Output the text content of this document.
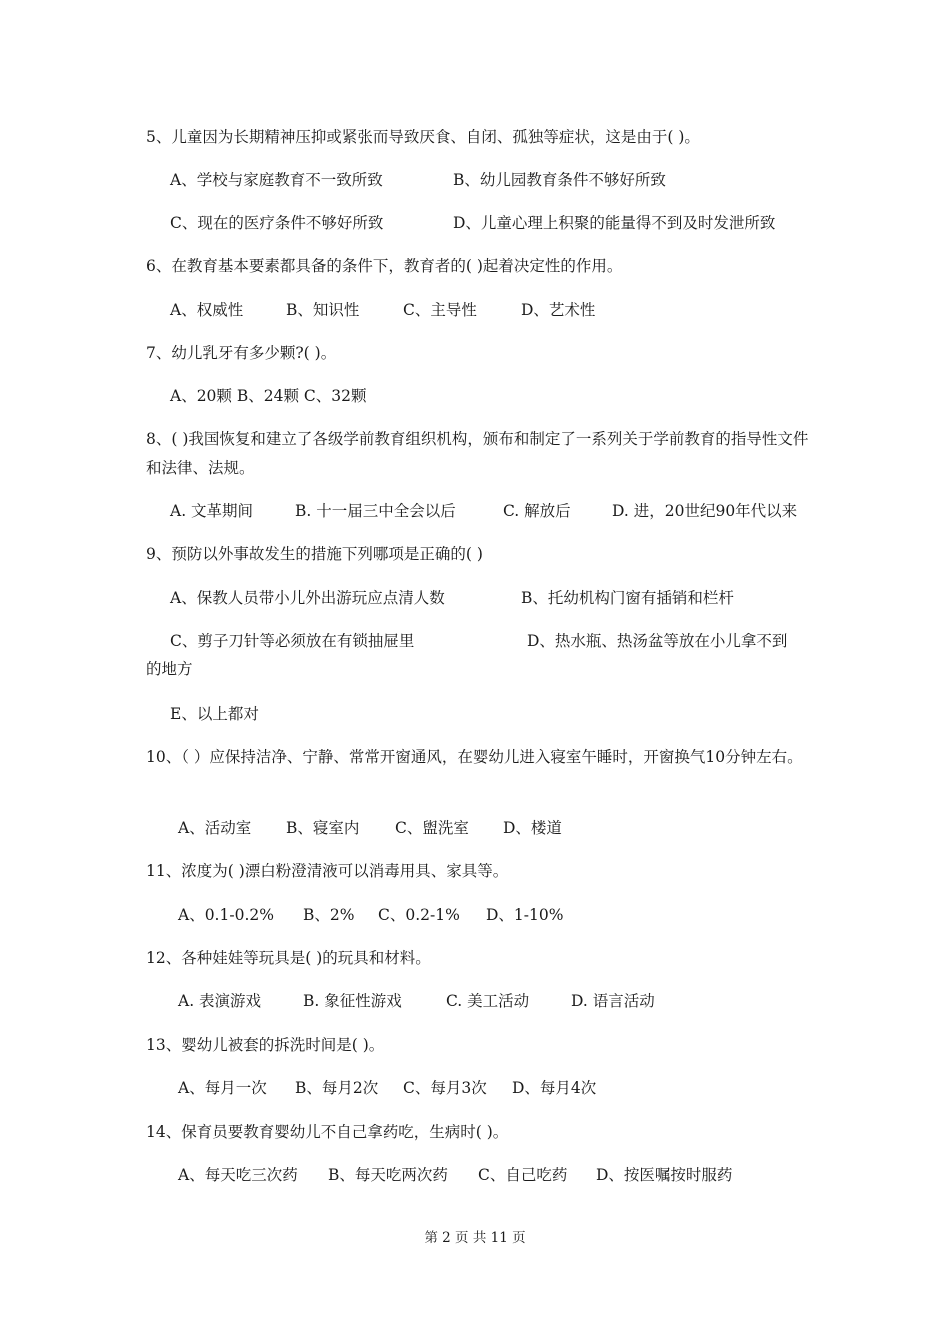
5、儿童因为长期精神压抑或紧张而导致厌食、自闭、孤独等症状，这是由于( )。
A、学校与家庭教育不一致所致	B、幼儿园教育条件不够好所致
C、现在的医疗条件不够好所致	D、儿童心理上积聚的能量得不到及时发泄所致
6、在教育基本要素都具备的条件下，教育者的( )起着决定性的作用。
A、权威性	B、知识性	C、主导性	D、艺术性
7、幼儿乳牙有多少颗?( )。
A、20颗 B、24颗 C、32颗
8、( )我国恢复和建立了各级学前教育组织机构，颁布和制定了一系列关于学前教育的指导性文件和法律、法规。
A. 文革期间	B. 十一届三中全会以后	C. 解放后	D. 进，20世纪90年代以来
9、预防以外事故发生的措施下列哪项是正确的( )
A、保教人员带小儿外出游玩应点清人数	B、托幼机构门窗有插销和栏杆
C、剪子刀针等必须放在有锁抽屉里	D、热水瓶、热汤盆等放在小儿拿不到
的地方
E、以上都对
10、（ ）应保持洁净、宁静、常常开窗通风，在婴幼儿进入寝室午睡时，开窗换气10分钟左右。
A、活动室 B、寝室内 C、盥洗室 D、楼道
11、浓度为( )漂白粉澄清液可以消毒用具、家具等。
A、0.1-0.2% B、2% C、0.2-1% D、1-10%
12、各种娃娃等玩具是( )的玩具和材料。
A. 表演游戏	B. 象征性游戏	C. 美工活动	D. 语言活动
13、婴幼儿被套的拆洗时间是( )。
A、每月一次 B、每月2次 C、每月3次 D、每月4次
14、保育员要教育婴幼儿不自己拿药吃，生病时( )。
A、每天吃三次药 B、每天吃两次药 C、自己吃药 D、按医嘱按时服药
第 2 页 共 11 页
